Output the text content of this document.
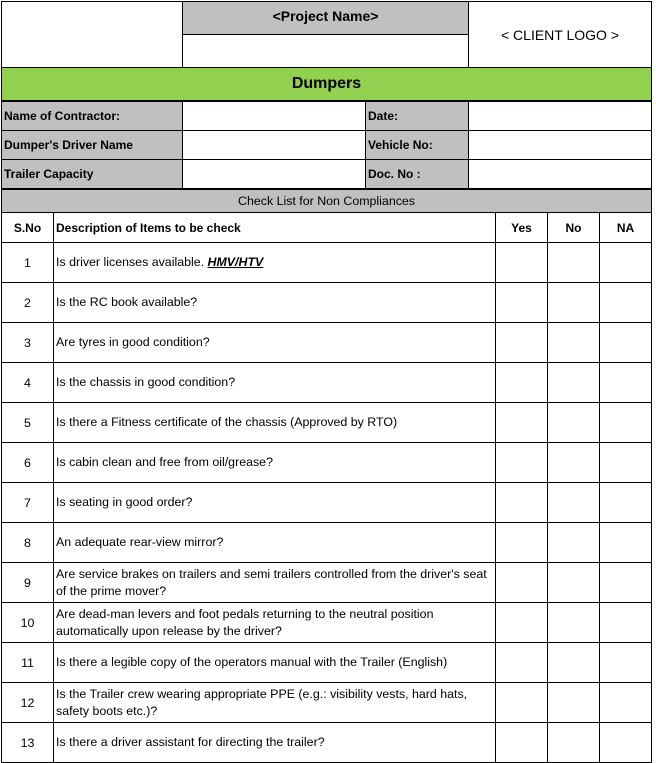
	<Project Name>	< CLIENT LOGO >

Dumpers
Name of Contractor:		Date:	
Dumper's Driver Name		Vehicle No:	
Trailer Capacity		Doc. No :	
Check List for Non Compliances				
S.No	Description of Items to be check	Yes	No	NA
1	Is driver licenses available. HMV/HTV			
2	Is the RC book available?			
3	Are tyres in good condition?			
4	Is the chassis in good condition?			
5	Is there a Fitness certificate of the chassis (Approved by RTO)			
6	Is cabin clean and free from oil/grease?			
7	Is seating in good order?			
8	An adequate rear-view mirror?			
9	Are service brakes on trailers and semi trailers controlled from the driver's seat of the prime mover?			
10	Are dead-man levers and foot pedals returning to the neutral position automatically upon release by the driver?			
11	Is there a legible copy of the operators manual with the Trailer (English)			
12	Is the Trailer crew wearing appropriate PPE (e.g.: visibility vests, hard hats, safety boots etc.)?			
13	Is there a driver assistant for directing the trailer?			
